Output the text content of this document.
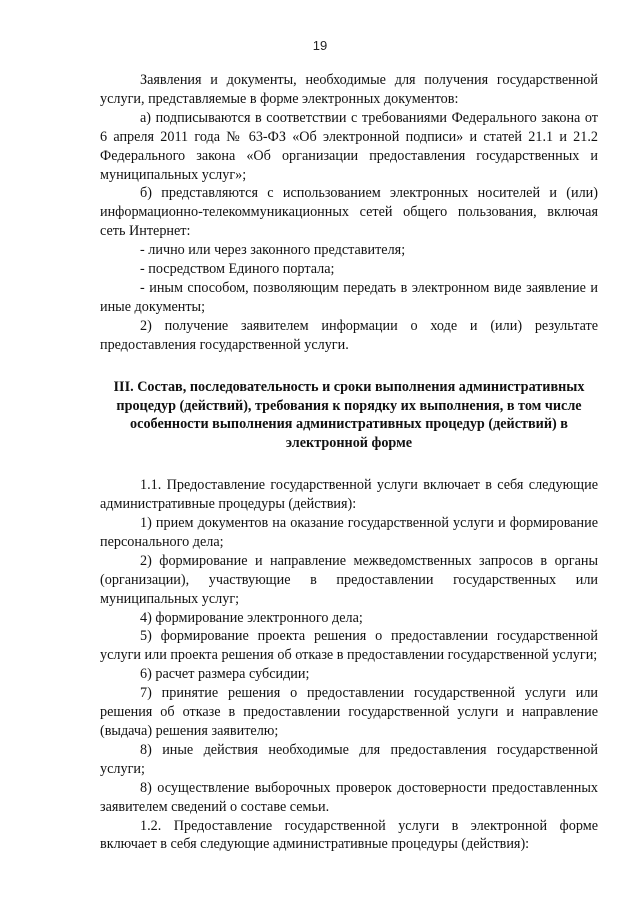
19

Заявления и документы, необходимые для получения государственной услуги, представляемые в форме электронных документов:

а) подписываются в соответствии с требованиями Федерального закона от 6 апреля 2011 года № 63-ФЗ «Об электронной подписи» и статей 21.1 и 21.2 Федерального закона «Об организации предоставления государственных и муниципальных услуг»;

б) представляются с использованием электронных носителей и (или) информационно-телекоммуникационных сетей общего пользования, включая сеть Интернет:

- лично или через законного представителя;

- посредством Единого портала;

- иным способом, позволяющим передать в электронном виде заявление и иные документы;

2) получение заявителем информации о ходе и (или) результате предоставления государственной услуги.

III. Состав, последовательность и сроки выполнения административных процедур (действий), требования к порядку их выполнения, в том числе особенности выполнения административных процедур (действий) в электронной форме

1.1. Предоставление государственной услуги включает в себя следующие административные процедуры (действия):

1) прием документов на оказание государственной услуги и формирование персонального дела;

2) формирование и направление межведомственных запросов в органы (организации), участвующие в предоставлении государственных или муниципальных услуг;

4) формирование электронного дела;

5) формирование проекта решения о предоставлении государственной услуги или проекта решения об отказе в предоставлении государственной услуги;

6) расчет размера субсидии;

7) принятие решения о предоставлении государственной услуги или решения об отказе в предоставлении государственной услуги и направление (выдача) решения заявителю;

8) иные действия необходимые для предоставления государственной услуги;

8) осуществление выборочных проверок достоверности предоставленных заявителем сведений о составе семьи.

1.2. Предоставление государственной услуги в электронной форме включает в себя следующие административные процедуры (действия):
